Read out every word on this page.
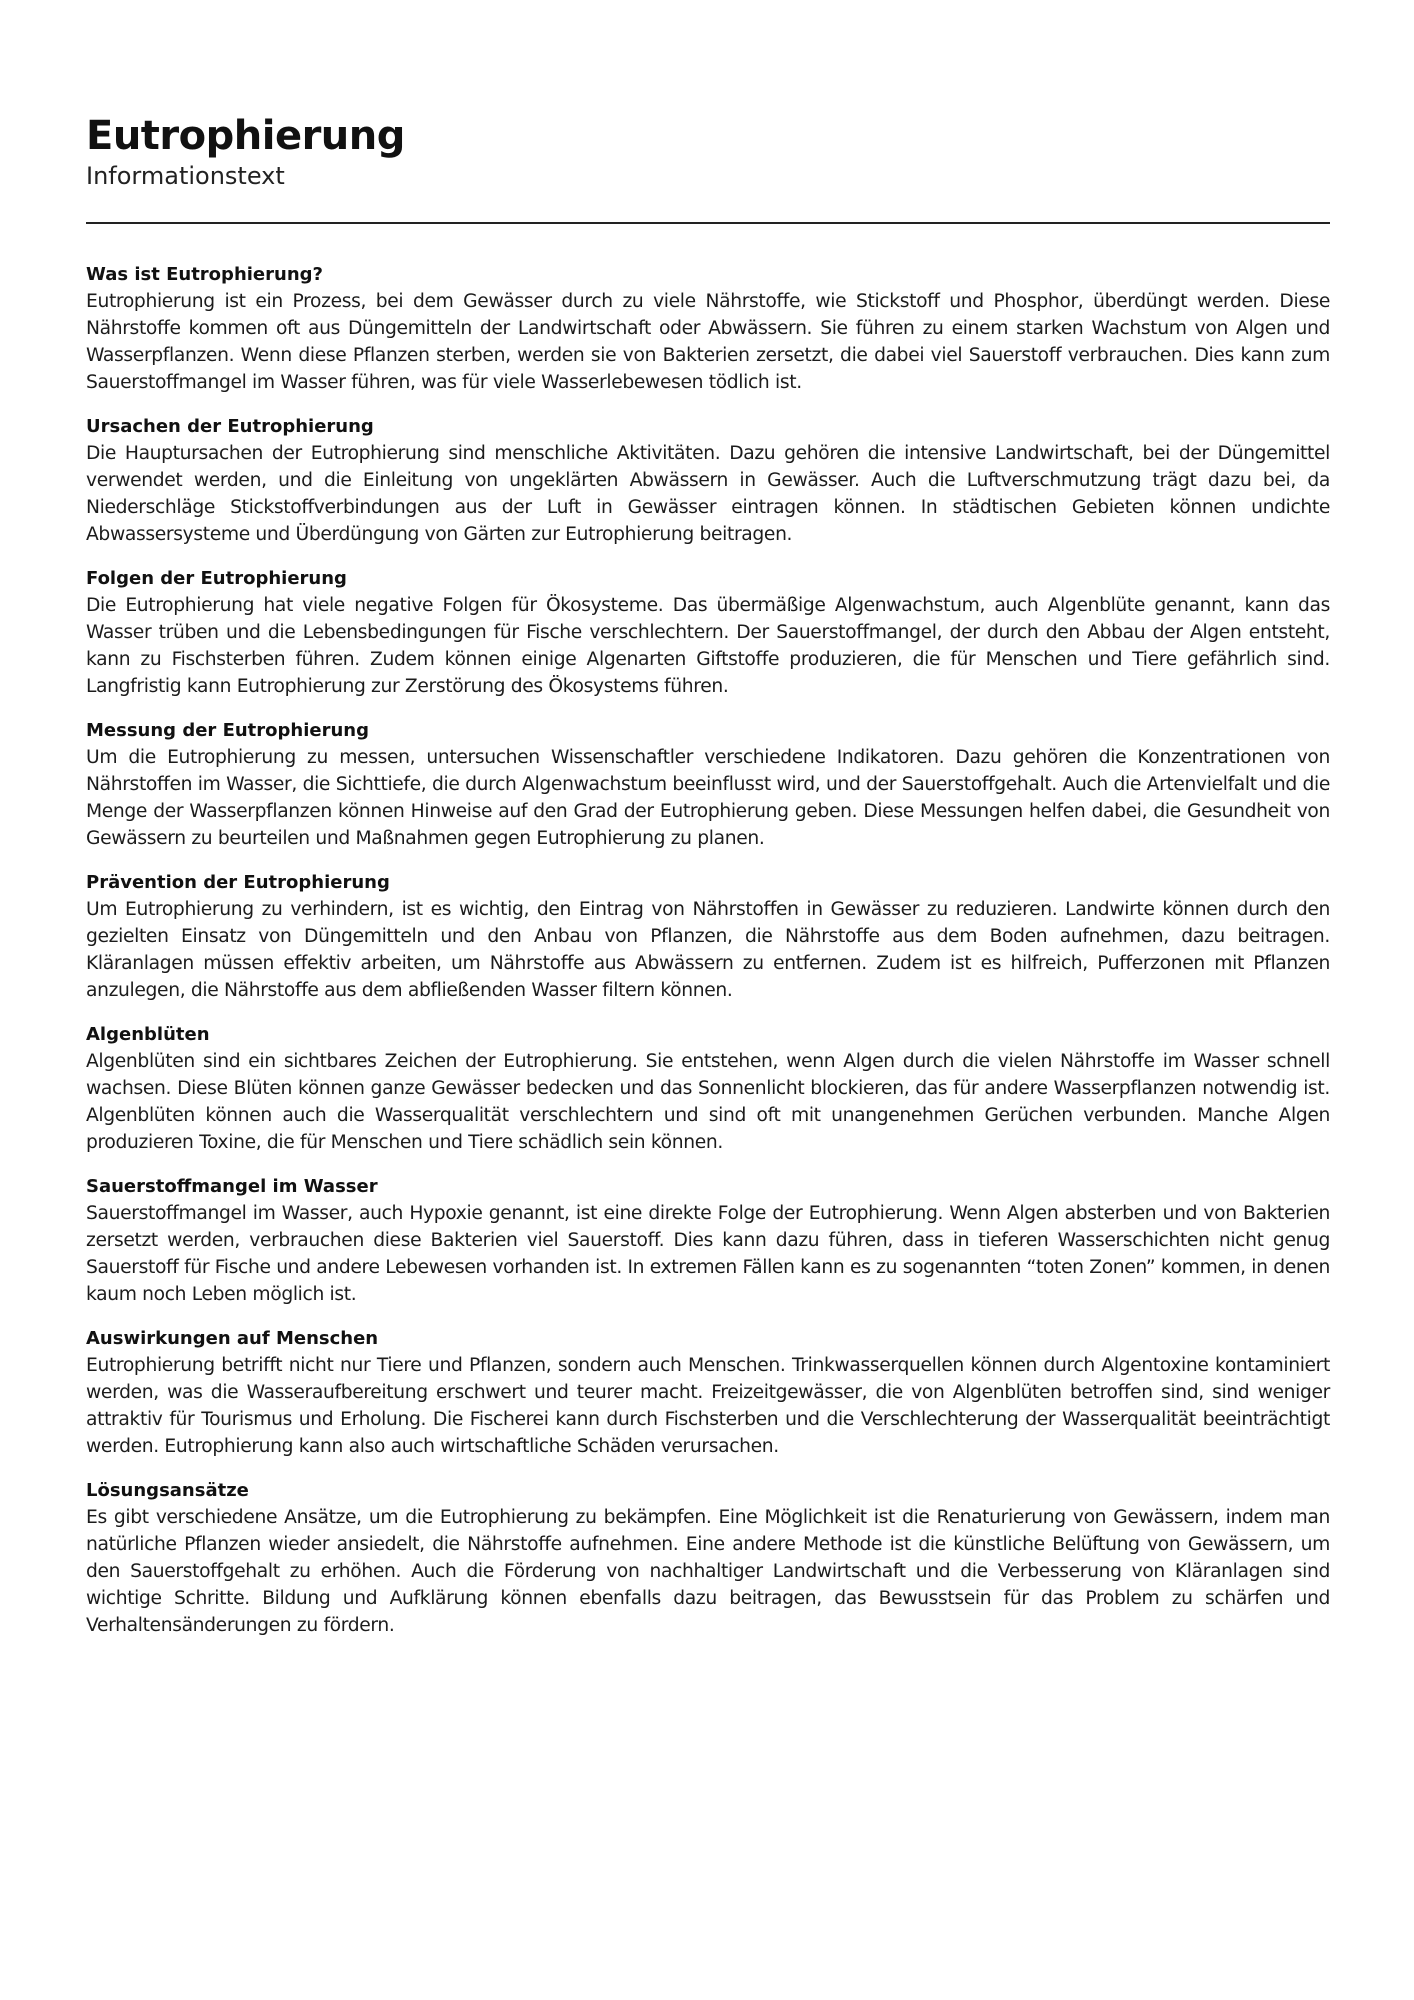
Eutrophierung
Informationstext
Was ist Eutrophierung?

Eutrophierung ist ein Prozess, bei dem Gewässer durch zu viele Nährstoffe, wie Stickstoff und Phosphor, überdüngt werden. Diese Nährstoffe kommen oft aus Düngemitteln der Landwirtschaft oder Abwässern. Sie führen zu einem starken Wachstum von Algen und Wasserpflanzen. Wenn diese Pflanzen sterben, werden sie von Bakterien zersetzt, die dabei viel Sauerstoff verbrauchen. Dies kann zum Sauerstoffmangel im Wasser führen, was für viele Wasserlebewesen tödlich ist.

Ursachen der Eutrophierung

Die Hauptursachen der Eutrophierung sind menschliche Aktivitäten. Dazu gehören die intensive Landwirtschaft, bei der Düngemittel verwendet werden, und die Einleitung von ungeklärten Abwässern in Gewässer. Auch die Luftverschmutzung trägt dazu bei, da Niederschläge Stickstoffverbindungen aus der Luft in Gewässer eintragen können. In städtischen Gebieten können undichte Abwassersysteme und Überdüngung von Gärten zur Eutrophierung beitragen.

Folgen der Eutrophierung

Die Eutrophierung hat viele negative Folgen für Ökosysteme. Das übermäßige Algenwachstum, auch Algenblüte genannt, kann das Wasser trüben und die Lebensbedingungen für Fische verschlechtern. Der Sauerstoffmangel, der durch den Abbau der Algen entsteht, kann zu Fischsterben führen. Zudem können einige Algenarten Giftstoffe produzieren, die für Menschen und Tiere gefährlich sind. Langfristig kann Eutrophierung zur Zerstörung des Ökosystems führen.

Messung der Eutrophierung

Um die Eutrophierung zu messen, untersuchen Wissenschaftler verschiedene Indikatoren. Dazu gehören die Konzentrationen von Nährstoffen im Wasser, die Sichttiefe, die durch Algenwachstum beeinflusst wird, und der Sauerstoffgehalt. Auch die Artenvielfalt und die Menge der Wasserpflanzen können Hinweise auf den Grad der Eutrophierung geben. Diese Messungen helfen dabei, die Gesundheit von Gewässern zu beurteilen und Maßnahmen gegen Eutrophierung zu planen.

Prävention der Eutrophierung

Um Eutrophierung zu verhindern, ist es wichtig, den Eintrag von Nährstoffen in Gewässer zu reduzieren. Landwirte können durch den gezielten Einsatz von Düngemitteln und den Anbau von Pflanzen, die Nährstoffe aus dem Boden aufnehmen, dazu beitragen. Kläranlagen müssen effektiv arbeiten, um Nährstoffe aus Abwässern zu entfernen. Zudem ist es hilfreich, Pufferzonen mit Pflanzen anzulegen, die Nährstoffe aus dem abfließenden Wasser filtern können.

Algenblüten

Algenblüten sind ein sichtbares Zeichen der Eutrophierung. Sie entstehen, wenn Algen durch die vielen Nährstoffe im Wasser schnell wachsen. Diese Blüten können ganze Gewässer bedecken und das Sonnenlicht blockieren, das für andere Wasserpflanzen notwendig ist. Algenblüten können auch die Wasserqualität verschlechtern und sind oft mit unangenehmen Gerüchen verbunden. Manche Algen produzieren Toxine, die für Menschen und Tiere schädlich sein können.

Sauerstoffmangel im Wasser

Sauerstoffmangel im Wasser, auch Hypoxie genannt, ist eine direkte Folge der Eutrophierung. Wenn Algen absterben und von Bakterien zersetzt werden, verbrauchen diese Bakterien viel Sauerstoff. Dies kann dazu führen, dass in tieferen Wasserschichten nicht genug Sauerstoff für Fische und andere Lebewesen vorhanden ist. In extremen Fällen kann es zu sogenannten “toten Zonen” kommen, in denen kaum noch Leben möglich ist.

Auswirkungen auf Menschen

Eutrophierung betrifft nicht nur Tiere und Pflanzen, sondern auch Menschen. Trinkwasserquellen können durch Algentoxine kontaminiert werden, was die Wasseraufbereitung erschwert und teurer macht. Freizeitgewässer, die von Algenblüten betroffen sind, sind weniger attraktiv für Tourismus und Erholung. Die Fischerei kann durch Fischsterben und die Verschlechterung der Wasserqualität beeinträchtigt werden. Eutrophierung kann also auch wirtschaftliche Schäden verursachen.

Lösungsansätze

Es gibt verschiedene Ansätze, um die Eutrophierung zu bekämpfen. Eine Möglichkeit ist die Renaturierung von Gewässern, indem man natürliche Pflanzen wieder ansiedelt, die Nährstoffe aufnehmen. Eine andere Methode ist die künstliche Belüftung von Gewässern, um den Sauerstoffgehalt zu erhöhen. Auch die Förderung von nachhaltiger Landwirtschaft und die Verbesserung von Kläranlagen sind wichtige Schritte. Bildung und Aufklärung können ebenfalls dazu beitragen, das Bewusstsein für das Problem zu schärfen und Verhaltensänderungen zu fördern.
